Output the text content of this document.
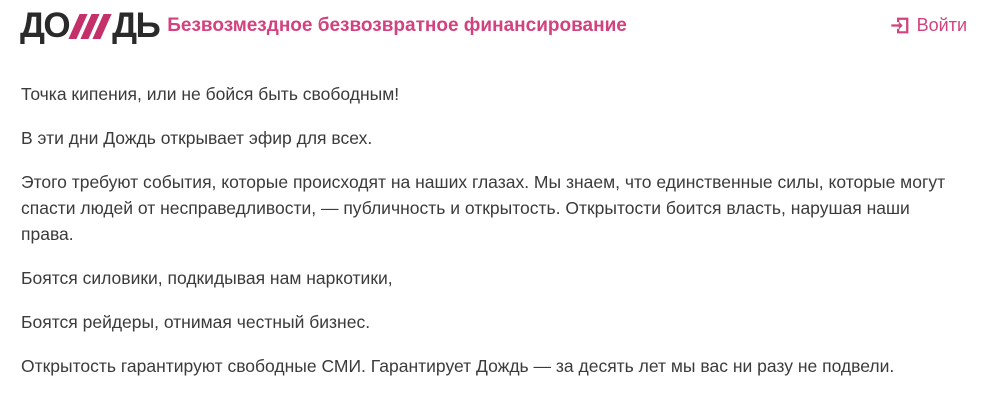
ДО ДЬ Безвозмездное безвозвратное финансирование	Войти

Точка кипения, или не бойся быть свободным!

В эти дни Дождь открывает эфир для всех.

Этого требуют события, которые происходят на наших глазах. Мы знаем, что единственные силы, которые могут спасти людей от несправедливости, — публичность и открытость. Открытости боится власть, нарушая наши права.

Боятся силовики, подкидывая нам наркотики,

Боятся рейдеры, отнимая честный бизнес.

Открытость гарантируют свободные СМИ. Гарантирует Дождь — за десять лет мы вас ни разу не подвели.
